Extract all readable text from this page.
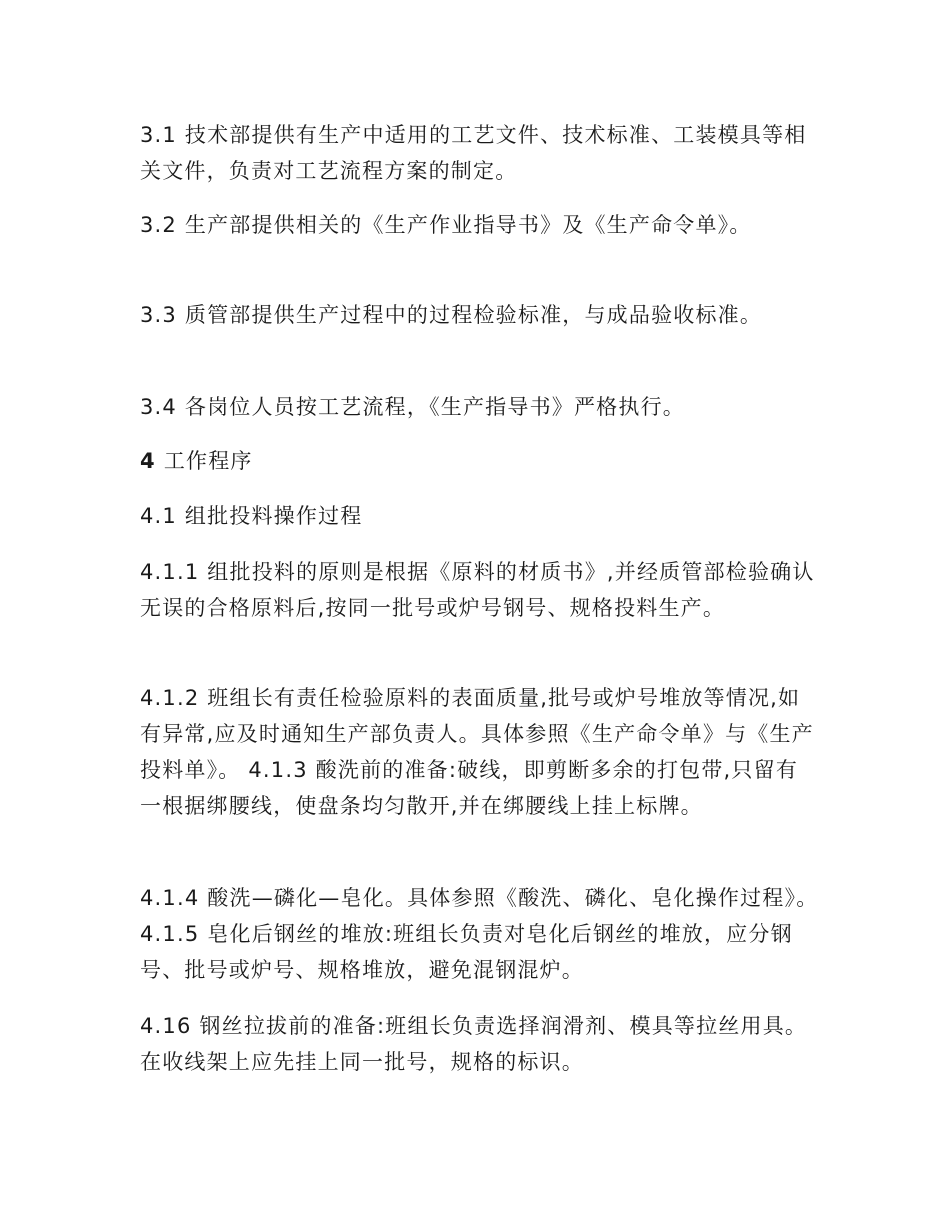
3.1 技术部提供有生产中适用的工艺文件、技术标准、工装模具等相关文件，负责对工艺流程方案的制定。

3.2 生产部提供相关的《生产作业指导书》及《生产命令单》。

3.3 质管部提供生产过程中的过程检验标准，与成品验收标准。

3.4 各岗位人员按工艺流程，《生产指导书》严格执行。

4 工作程序

4.1 组批投料操作过程

4.1.1 组批投料的原则是根据《原料的材质书》,并经质管部检验确认无误的合格原料后,按同一批号或炉号钢号、规格投料生产。

4.1.2 班组长有责任检验原料的表面质量,批号或炉号堆放等情况,如有异常,应及时通知生产部负责人。具体参照《生产命令单》与《生产投料单》。 4.1.3 酸洗前的准备:破线，即剪断多余的打包带,只留有一根据绑腰线，使盘条均匀散开,并在绑腰线上挂上标牌。

4.1.4 酸洗—磷化—皂化。具体参照《酸洗、磷化、皂化操作过程》。 4.1.5 皂化后钢丝的堆放:班组长负责对皂化后钢丝的堆放，应分钢号、批号或炉号、规格堆放，避免混钢混炉。

4.16 钢丝拉拔前的准备:班组长负责选择润滑剂、模具等拉丝用具。在收线架上应先挂上同一批号，规格的标识。
